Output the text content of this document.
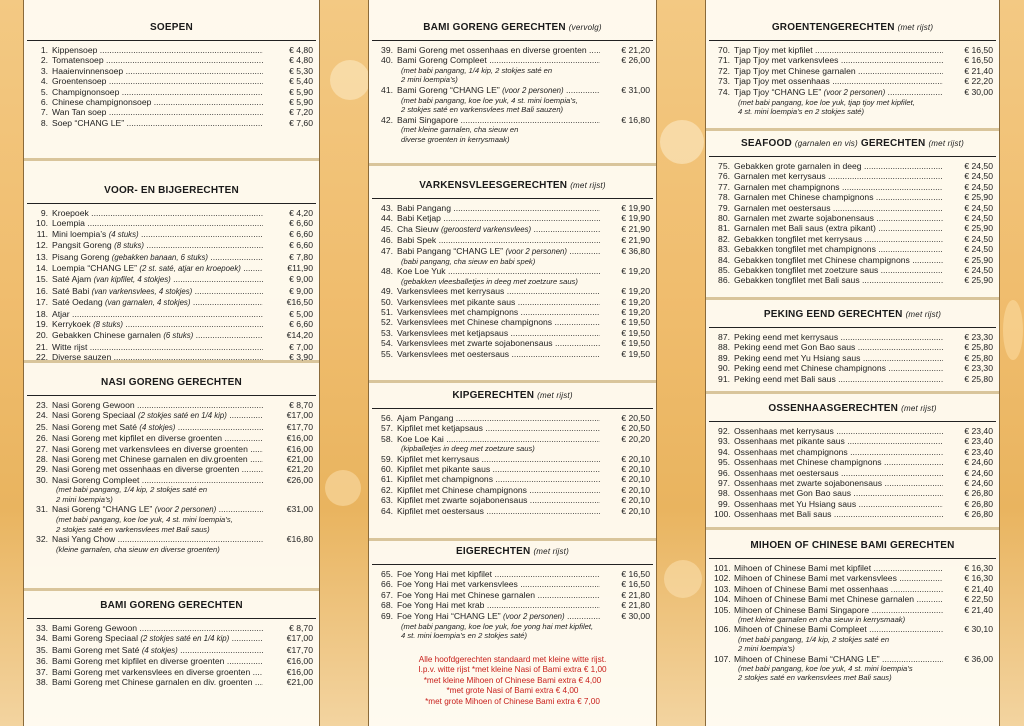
SOEPEN
1. Kippensoep .....	€ 4,80
2. Tomatensoep .....	€ 4,80
3. Haaienvinnensoep .....	€ 5,30
4. Groentensoep .....	€ 5,40
5. Champignonsoep .....	€ 5,90
6. Chinese champignonsoep .....	€ 5,90
7. Wan Tan soep .....	€ 7,20
8. Soep “CHANG LE” .....	€ 7,60
VOOR- EN BIJGERECHTEN
9. Kroepoek .....	€ 4,20
10. Loempia .....	€ 6,60
11. Mini loempia’s (4 stuks) .....	€ 6,60
12. Pangsit Goreng (8 stuks) .....	€ 6,60
13. Pisang Goreng (gebakken banaan, 6 stuks) .....	€ 7,80
14. Loempia “CHANG LE” (2 st. saté, atjar en kroepoek) .....	€11,90
15. Saté Ajam (van kipfilet, 4 stokjes) .....	€ 9,00
16. Saté Babi (van varkensvlees, 4 stokjes) .....	€ 9,00
17. Saté Oedang (van garnalen, 4 stokjes) .....	€16,50
18. Atjar .....	€ 5,00
19. Kerrykoek (8 stuks) .....	€ 6,60
20. Gebakken Chinese garnalen (6 stuks) .....	€14,20
21. Witte rijst .....	€ 7,00
22. Diverse sauzen .....	€ 3,90
NASI GORENG GERECHTEN
23. Nasi Goreng Gewoon .....	€ 8,70
24. Nasi Goreng Speciaal (2 stokjes saté en 1/4 kip) .....	€17,00
25. Nasi Goreng met Saté (4 stokjes) .....	€17,70
26. Nasi Goreng met kipfilet en diverse groenten .....	€16,00
27. Nasi Goreng met varkensvlees en diverse groenten .....	€16,00
28. Nasi Goreng met Chinese garnalen en div.groenten .....	€21,00
29. Nasi Goreng met ossenhaas en diverse groenten .....	€21,20
30. Nasi Goreng Compleet .....	€26,00
(met babi pangang, 1/4 kip, 2 stokjes saté en
2 mini loempia’s)
31. Nasi Goreng “CHANG LE” (voor 2 personen) .....	€31,00
(met babi pangang, koe loe yuk, 4 st. mini loempia’s,
2 stokjes saté en varkensvlees met Bali saus)
32. Nasi Yang Chow .....	€16,80
(kleine garnalen, cha sieuw en diverse groenten)
BAMI GORENG GERECHTEN
33. Bami Goreng Gewoon .....	€ 8,70
34. Bami Goreng Speciaal (2 stokjes saté en 1/4 kip) .....	€17,00
35. Bami Goreng met Saté (4 stokjes) .....	€17,70
36. Bami Goreng met kipfilet en diverse groenten .....	€16,00
37. Bami Goreng met varkensvlees en diverse groenten .....	€16,00
38. Bami Goreng met Chinese garnalen en div. groenten .....	€21,00
BAMI GORENG GERECHTEN (vervolg)
39. Bami Goreng met ossenhaas en diverse groenten .....	€ 21,20
40. Bami Goreng Compleet .....	€ 26,00
(met babi pangang, 1/4 kip, 2 stokjes saté en
2 mini loempia’s)
41. Bami Goreng “CHANG LE” (voor 2 personen) .....	€ 31,00
(met babi pangang, koe loe yuk, 4 st. mini loempia’s,
2 stokjes saté en varkensvlees met Bali sauzen)
42. Bami Singapore .....	€ 16,80
(met kleine garnalen, cha sieuw en
diverse groenten in kerrysmaak)
VARKENSVLEESGERECHTEN (met rijst)
43. Babi Pangang .....	€ 19,90
44. Babi Ketjap .....	€ 19,90
45. Cha Sieuw (geroosterd varkensvlees) .....	€ 21,90
46. Babi Spek .....	€ 21,90
47. Babi Pangang “CHANG LE” (voor 2 personen) .....	€ 36,80
(babi pangang, cha sieuw en babi spek)
48. Koe Loe Yuk .....	€ 19,20
(gebakken vleesballetjes in deeg met zoetzure saus)
49. Varkensvlees met kerrysaus .....	€ 19,20
50. Varkensvlees met pikante saus .....	€ 19,20
51. Varkensvlees met champignons .....	€ 19,20
52. Varkensvlees met Chinese champignons .....	€ 19,50
53. Varkensvlees met ketjapsaus .....	€ 19,50
54. Varkensvlees met zwarte sojabonensaus .....	€ 19,50
55. Varkensvlees met oestersaus .....	€ 19,50
KIPGERECHTEN (met rijst)
56. Ajam Pangang .....	€ 20,50
57. Kipfilet met ketjapsaus .....	€ 20,50
58. Koe Loe Kai .....	€ 20,20
(kipballetjes in deeg met zoetzure saus)
59. Kipfilet met kerrysaus .....	€ 20,10
60. Kipfilet met pikante saus .....	€ 20,10
61. Kipfilet met champignons .....	€ 20,10
62. Kipfilet met Chinese champignons .....	€ 20,10
63. Kipfilet met zwarte sojabonensaus .....	€ 20,10
64. Kipfilet met oestersaus .....	€ 20,10
EIGERECHTEN (met rijst)
65. Foe Yong Hai met kipfilet .....	€ 16,50
66. Foe Yong Hai met varkensvlees .....	€ 16,50
67. Foe Yong Hai met Chinese garnalen .....	€ 21,80
68. Foe Yong Hai met krab .....	€ 21,80
69. Foe Yong Hai “CHANG LE” (voor 2 personen) .....	€ 30,00
(met babi pangang, koe loe yuk, foe yong hai met kipfilet,
4 st. mini loempia’s en 2 stokjes saté)
Alle hoofdgerechten standaard met kleine witte rijst.
I.p.v. witte rijst *met kleine Nasi of Bami extra € 1,00
*met kleine Mihoen of Chinese Bami extra € 4,00
*met grote Nasi of Bami extra € 4,00
*met grote Mihoen of Chinese Bami extra € 7,00
GROENTENGERECHTEN (met rijst)
70. Tjap Tjoy met kipfilet .....	€ 16,50
71. Tjap Tjoy met varkensvlees .....	€ 16,50
72. Tjap Tjoy met Chinese garnalen .....	€ 21,40
73. Tjap Tjoy met ossenhaas .....	€ 22,20
74. Tjap Tjoy “CHANG LE” (voor 2 personen) .....	€ 30,00
(met babi pangang, koe loe yuk, tjap tjoy met kipfilet,
4 st. mini loempia’s en 2 stokjes saté)
SEAFOOD (garnalen en vis) GERECHTEN (met rijst)
75. Gebakken grote garnalen in deeg .....	€ 24,50
76. Garnalen met kerrysaus .....	€ 24,50
77. Garnalen met champignons .....	€ 24,50
78. Garnalen met Chinese champignons .....	€ 25,90
79. Garnalen met oestersaus .....	€ 24,50
80. Garnalen met zwarte sojabonensaus .....	€ 24,50
81. Garnalen met Bali saus (extra pikant) .....	€ 25,90
82. Gebakken tongfilet met kerrysaus .....	€ 24,50
83. Gebakken tongfilet met champignons .....	€ 24,50
84. Gebakken tongfilet met Chinese champignons .....	€ 25,90
85. Gebakken tongfilet met zoetzure saus .....	€ 24,50
86. Gebakken tongfilet met Bali saus .....	€ 25,90
PEKING EEND GERECHTEN (met rijst)
87. Peking eend met kerrysaus .....	€ 23,30
88. Peking eend met Gon Bao saus .....	€ 25,80
89. Peking eend met Yu Hsiang saus .....	€ 25,80
90. Peking eend met Chinese champignons .....	€ 23,30
91. Peking eend met Bali saus .....	€ 25,80
OSSENHAASGERECHTEN (met rijst)
92. Ossenhaas met kerrysaus .....	€ 23,40
93. Ossenhaas met pikante saus .....	€ 23,40
94. Ossenhaas met champignons .....	€ 23,40
95. Ossenhaas met Chinese champignons .....	€ 24,60
96. Ossenhaas met oestersaus .....	€ 24,60
97. Ossenhaas met zwarte sojabonensaus .....	€ 24,60
98. Ossenhaas met Gon Bao saus .....	€ 26,80
99. Ossenhaas met Yu Hsiang saus .....	€ 26,80
100. Ossenhaas met Bali saus .....	€ 26,80
MIHOEN OF CHINESE BAMI GERECHTEN
101. Mihoen of Chinese Bami met kipfilet .....	€ 16,30
102. Mihoen of Chinese Bami met varkensvlees .....	€ 16,30
103. Mihoen of Chinese Bami met ossenhaas .....	€ 21,40
104. Mihoen of Chinese Bami met Chinese garnalen .....	€ 22,50
105. Mihoen of Chinese Bami Singapore .....	€ 21,40
(met kleine garnalen en cha sieuw in kerrysmaak)
106. Mihoen of Chinese Bami Compleet .....	€ 30,10
(met babi pangang, 1/4 kip, 2 stokjes saté en
2 mini loempia’s)
107. Mihoen of Chinese Bami “CHANG LE” .....	€ 36,00
(met babi pangang, koe loe yuk, 4 st. mini loempia’s
2 stokjes saté en varkensvlees met Bali saus)
